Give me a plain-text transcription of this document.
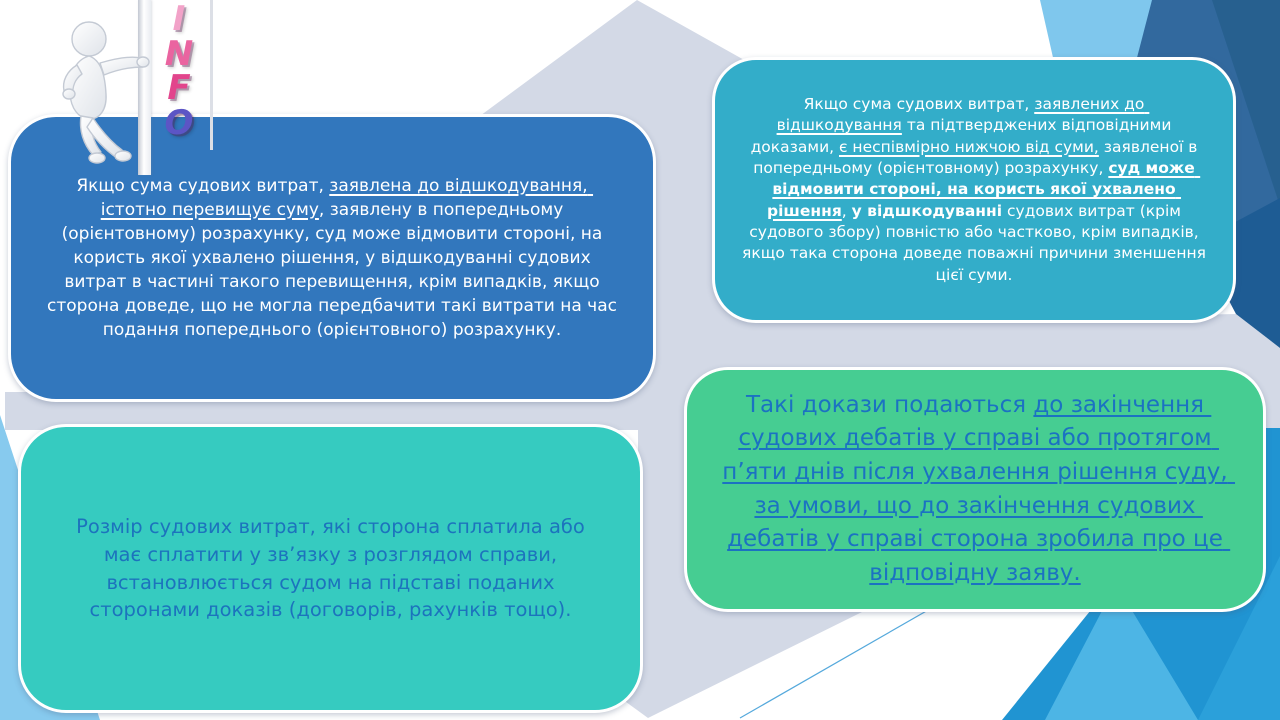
Якщо сума судових витрат, заявлена до відшкодування, істотно перевищує суму, заявлену в попередньому (орієнтовному) розрахунку, суд може відмовити стороні, на користь якої ухвалено рішення, у відшкодуванні судових витрат в частині такого перевищення, крім випадків, якщо сторона доведе, що не могла передбачити такі витрати на час подання попереднього (орієнтовного) розрахунку.
Якщо сума судових витрат, заявлених до відшкодування та підтверджених відповідними доказами, є неспівмірно нижчою від суми, заявленої в попередньому (орієнтовному) розрахунку, суд може відмовити стороні, на користь якої ухвалено рішення, у відшкодуванні судових витрат (крім судового збору) повністю або частково, крім випадків, якщо така сторона доведе поважні причини зменшення цієї суми.
Розмір судових витрат, які сторона сплатила або має сплатити у зв’язку з розглядом справи, встановлюється судом на підставі поданих сторонами доказів (договорів, рахунків тощо).
Такі докази подаються до закінчення судових дебатів у справі або протягом п’яти днів після ухвалення рішення суду, за умови, що до закінчення судових дебатів у справі сторона зробила про це відповідну заяву.
I
N
F
O
